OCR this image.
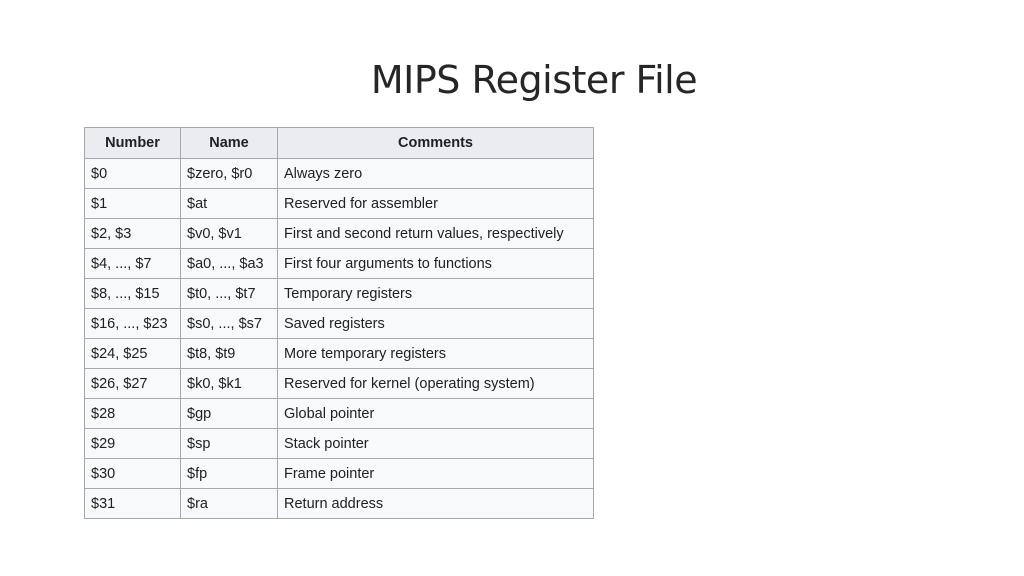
MIPS Register File
Number	Name	Comments
$0	$zero, $r0	Always zero
$1	$at	Reserved for assembler
$2, $3	$v0, $v1	First and second return values, respectively
$4, ..., $7	$a0, ..., $a3	First four arguments to functions
$8, ..., $15	$t0, ..., $t7	Temporary registers
$16, ..., $23	$s0, ..., $s7	Saved registers
$24, $25	$t8, $t9	More temporary registers
$26, $27	$k0, $k1	Reserved for kernel (operating system)
$28	$gp	Global pointer
$29	$sp	Stack pointer
$30	$fp	Frame pointer
$31	$ra	Return address
